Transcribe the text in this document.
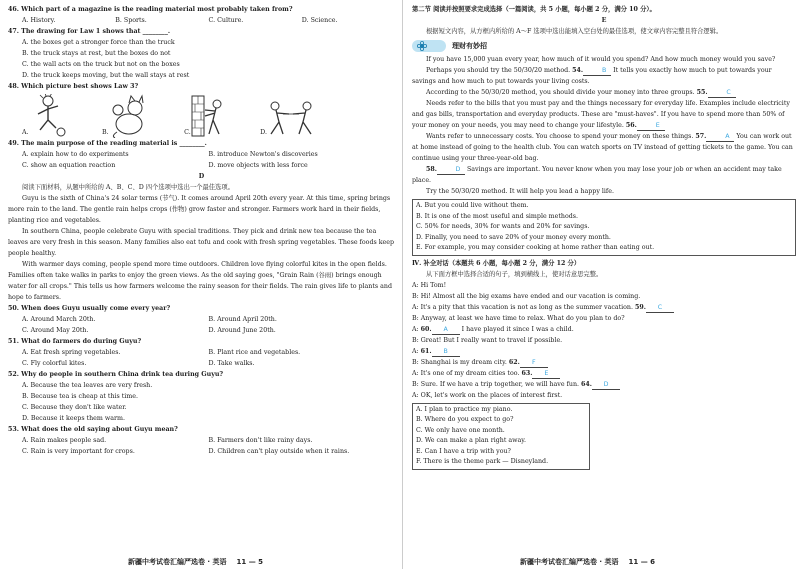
46. Which part of a magazine is the reading material most probably taken from?
A. History.	B. Sports.	C. Culture.	D. Science.
47. The drawing for Law 1 shows that ________.
A. the boxes get a stronger force than the truck
B. the truck stays at rest, but the boxes do not
C. the wall acts on the truck but not on the boxes
D. the truck keeps moving, but the wall stays at rest
48. Which picture best shows Law 3?
A.	B.	C.	D.
49. The main purpose of the reading material is ________.
A. explain how to do experiments	B. introduce Newton's discoveries
C. show an equation reaction	D. move objects with less force
D
阅读下面材料，从题中所给的 A、B、C、D 四个选项中选出一个最佳选项。
Guyu is the sixth of China's 24 solar terms (节气). It comes around April 20th every year. At this time, spring brings more rain to the land. The gentle rain helps crops (作物) grow faster and stronger. Farmers work hard in their fields, planting rice and vegetables.
In southern China, people celebrate Guyu with special traditions. They pick and drink new tea because the tea leaves are very fresh in this season. Many families also eat tofu and cook with fresh spring vegetables. These foods keep people healthy.
With warmer days coming, people spend more time outdoors. Children love flying colorful kites in the open fields. Families often take walks in parks to enjoy the green views. As the old saying goes, "Grain Rain (谷雨) brings enough water for all crops." This tells us how farmers welcome the rainy season for their fields. The rain gives life to plants and hope to farmers.
50. When does Guyu usually come every year?
A. Around March 20th.	B. Around April 20th.
C. Around May 20th.	D. Around June 20th.
51. What do farmers do during Guyu?
A. Eat fresh spring vegetables.	B. Plant rice and vegetables.
C. Fly colorful kites.	D. Take walks.
52. Why do people in southern China drink tea during Guyu?
A. Because the tea leaves are very fresh.
B. Because tea is cheap at this time.
C. Because they don't like water.
D. Because it keeps them warm.
53. What does the old saying about Guyu mean?
A. Rain makes people sad.	B. Farmers don't like rainy days.
C. Rain is very important for crops.	D. Children can't play outside when it rains.
新疆中考试卷汇编严选卷 · 英语 11 — 5
第二节 阅读并按照要求完成选择（一篇阅读，共 5 小题，每小题 2 分，满分 10 分）。
E
根据短文内容，从方框内所给的 A～F 选项中选出能填入空白处的最佳选项，使文章内容完整且符合逻辑。
理财有妙招
If you have 15,000 yuan every year, how much of it would you spend? And how much money would you save?
Perhaps you should try the 50/30/20 method. 54.	B It tells you exactly how much to put towards your savings and how much to put towards your living costs.
According to the 50/30/20 method, you should divide your money into three groups. 55.	C
Needs refer to the bills that you must pay and the things necessary for everyday life. Examples include electricity and gas bills, transportation and everyday products. These are "must-haves". If you have to spend more than 50% of your money on your needs, you may need to change your lifestyle. 56.	E
Wants refer to unnecessary costs. You choose to spend your money on these things. 57.	A You can work out at home instead of going to the health club. You can watch sports on TV instead of getting tickets to the game. You can continue using your three-year-old bag.
58.	D Savings are important. You never know when you may lose your job or when an accident may take place.
Try the 50/30/20 method. It will help you lead a happy life.
A. But you could live without them.
B. It is one of the most useful and simple methods.
C. 50% for needs, 30% for wants and 20% for savings.
D. Finally, you need to save 20% of your money every month.
E. For example, you may consider cooking at home rather than eating out.
Ⅳ. 补全对话（本题共 6 小题，每小题 2 分，满分 12 分）
从下面方框中选择合适的句子，填到横线上，使对话意思完整。
A: Hi Tom!
B: Hi! Almost all the big exams have ended and our vacation is coming.
A: It's a pity that this vacation is not as long as the summer vacation. 59. C
B: Anyway, at least we have time to relax. What do you plan to do?
A: 60. A I have played it since I was a child.
B: Great! But I really want to travel if possible.
A: 61. B
B: Shanghai is my dream city. 62. F
A: It's one of my dream cities too. 63. E
B: Sure. If we have a trip together, we will have fun. 64. D
A: OK, let's work on the places of interest first.
A. I plan to practice my piano.
B. Where do you expect to go?
C. We only have one month.
D. We can make a plan right away.
E. Can I have a trip with you?
F. There is the theme park — Disneyland.
新疆中考试卷汇编严选卷 · 英语 11 — 6
